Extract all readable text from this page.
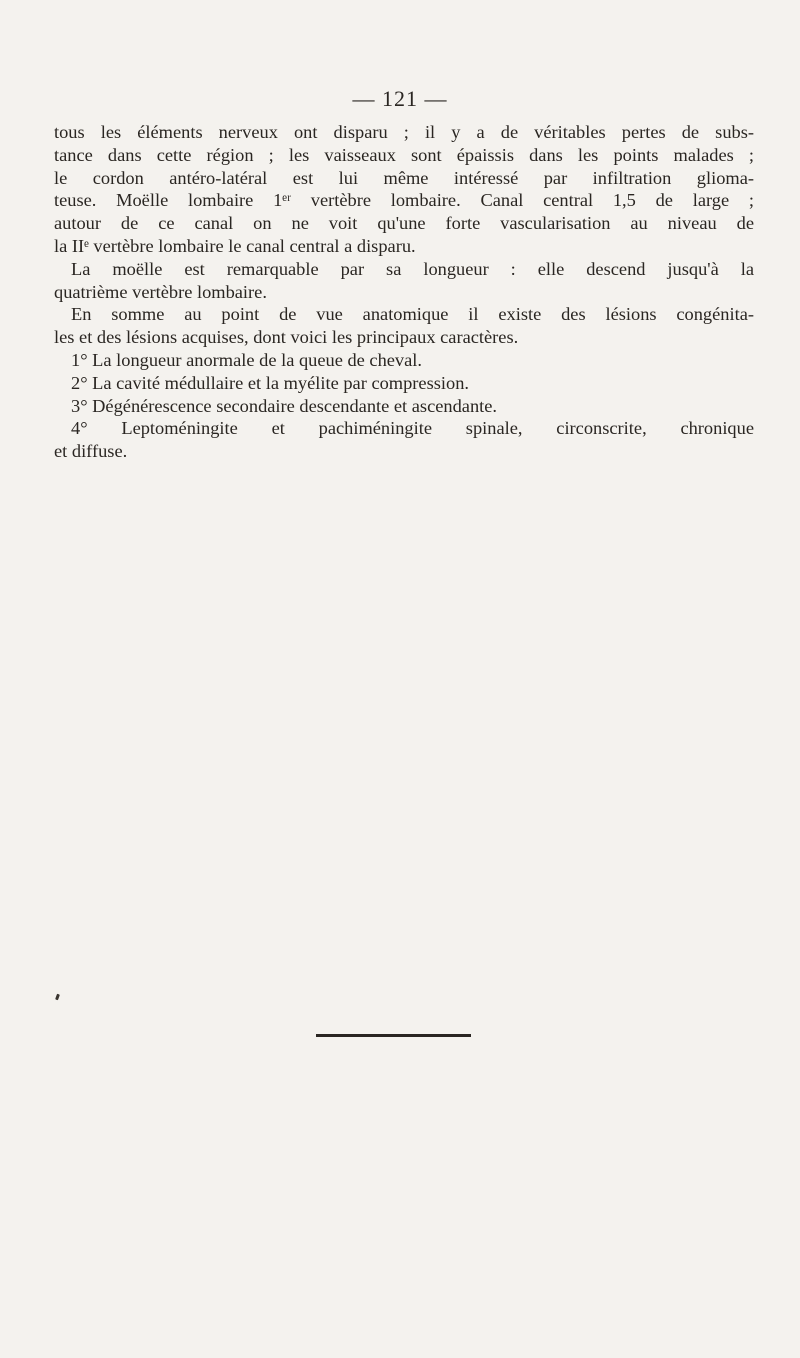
— 121 —

tous les éléments nerveux ont disparu ; il y a de véritables pertes de subs-

tance dans cette région ; les vaisseaux sont épaissis dans les points malades ;

le cordon antéro-latéral est lui même intéressé par infiltration glioma-

teuse. Moëlle lombaire 1ᵉʳ vertèbre lombaire. Canal central 1,5 de large ;

autour de ce canal on ne voit qu'une forte vascularisation au niveau de

la IIᵉ vertèbre lombaire le canal central a disparu.

La moëlle est remarquable par sa longueur : elle descend jusqu'à la

quatrième vertèbre lombaire.

En somme au point de vue anatomique il existe des lésions congénita-

les et des lésions acquises, dont voici les principaux caractères.

1° La longueur anormale de la queue de cheval.

2° La cavité médullaire et la myélite par compression.

3° Dégénérescence secondaire descendante et ascendante.

4° Leptoméningite et pachiméningite spinale, circonscrite, chronique

et diffuse.
